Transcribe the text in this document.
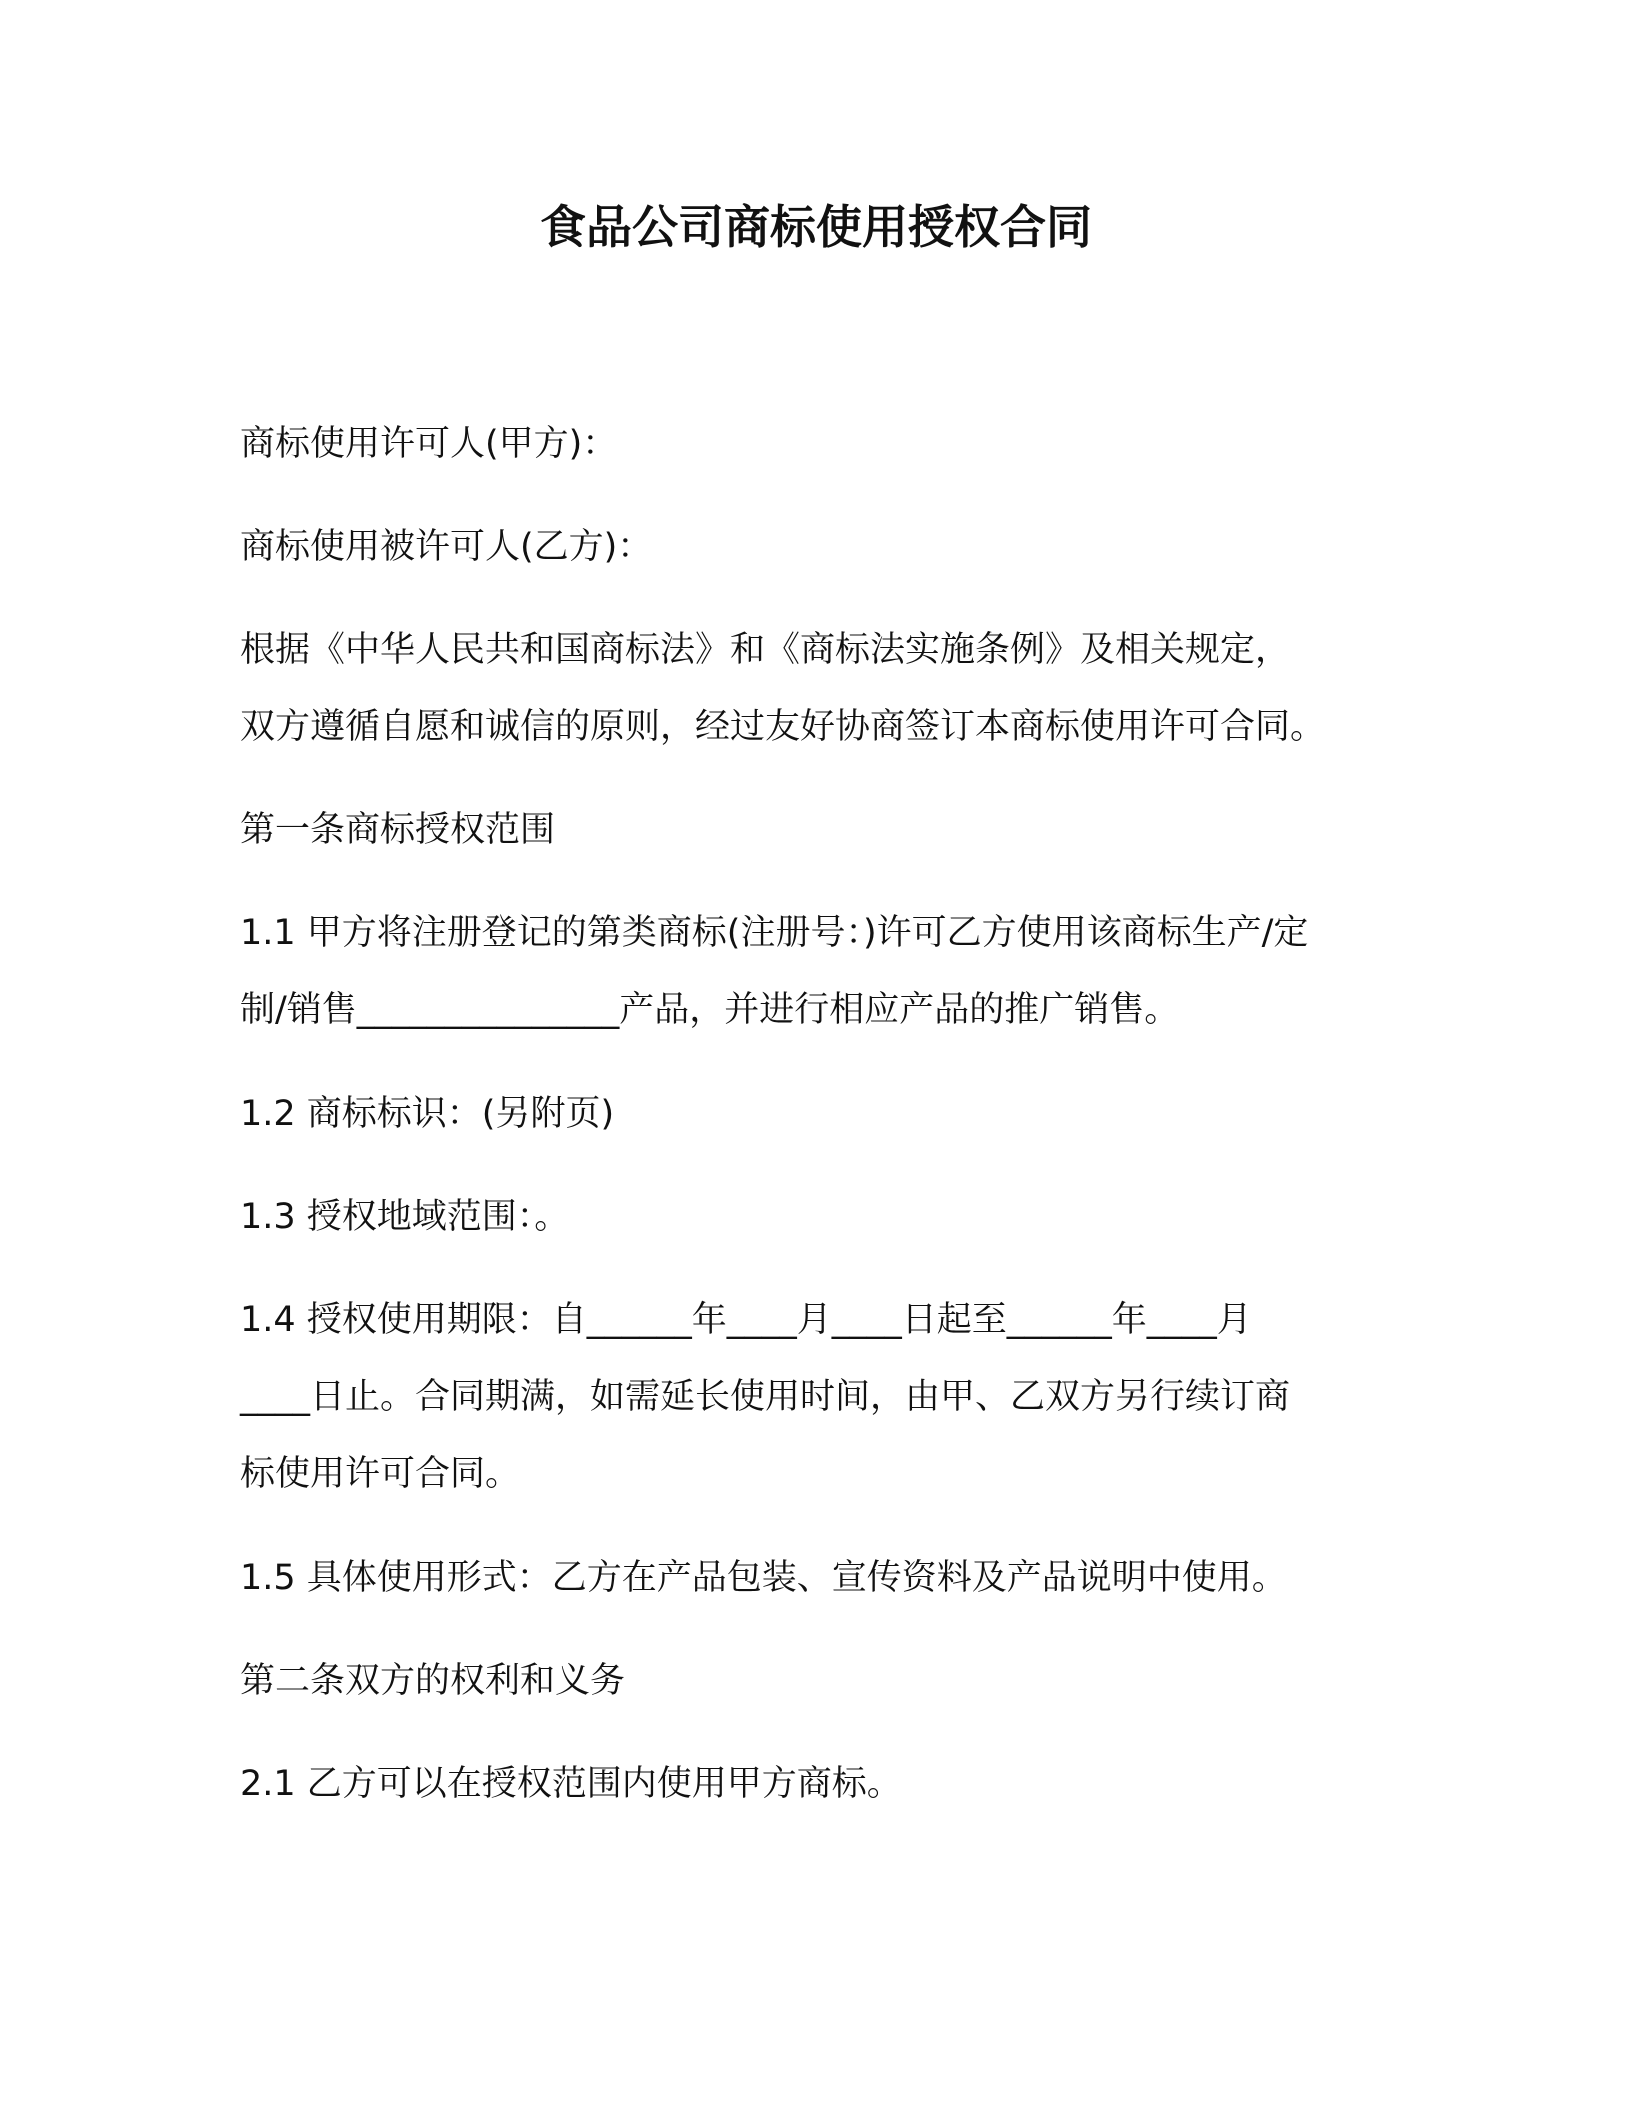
食品公司商标使用授权合同
商标使用许可人(甲方)：
商标使用被许可人(乙方)：
根据《中华人民共和国商标法》和《商标法实施条例》及相关规定，
双方遵循自愿和诚信的原则，经过友好协商签订本商标使用许可合同。
第一条商标授权范围
1.1 甲方将注册登记的第类商标(注册号：)许可乙方使用该商标生产/定
制/销售_______________产品，并进行相应产品的推广销售。
1.2 商标标识：(另附页)
1.3 授权地域范围：。
1.4 授权使用期限：自______年____月____日起至______年____月
____日止。合同期满，如需延长使用时间，由甲、乙双方另行续订商
标使用许可合同。
1.5 具体使用形式：乙方在产品包装、宣传资料及产品说明中使用。
第二条双方的权利和义务
2.1 乙方可以在授权范围内使用甲方商标。
